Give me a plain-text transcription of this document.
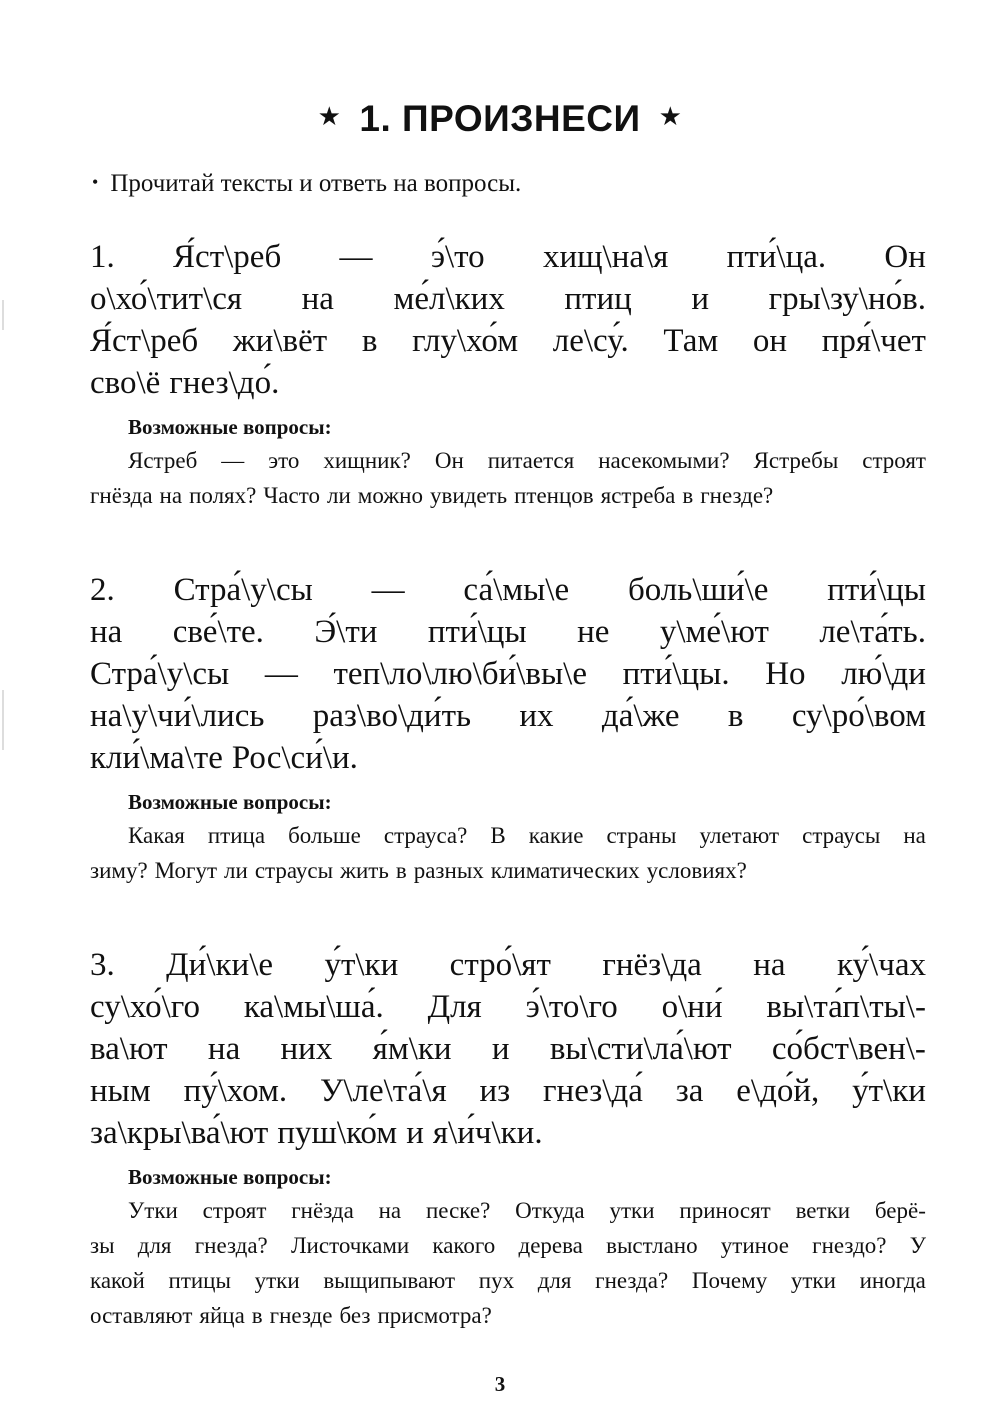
★ 1. ПРОИЗНЕСИ ★
• Прочитай тексты и ответь на вопросы.
1. Я́ст\реб — э́\то хищ\на\я пти́\ца. Он
о\хо́\тит\ся на ме́л\ких птиц и гры\зу\но́в.
Я́ст\реб жи\вёт в глу\хо́м ле\су́. Там он пря́\чет
сво\ё гнез\до́.
Возможные вопросы:
Ястреб — это хищник? Он питается насекомыми? Ястребы строят
гнёзда на полях? Часто ли можно увидеть птенцов ястреба в гнезде?
2. Стра́\у\сы — са́\мы\е боль\ши́\е пти́\цы
на све́\те. Э́\ти пти́\цы не у\ме́\ют ле\та́ть.
Стра́\у\сы — теп\ло\лю\би́\вы\е пти́\цы. Но лю́\ди
на\у\чи́\лись раз\во\ди́ть их да́\же в су\ро́\вом
кли́\ма\те Рос\си́\и.
Возможные вопросы:
Какая птица больше страуса? В какие страны улетают страусы на
зиму? Могут ли страусы жить в разных климатических условиях?
3. Ди́\ки\е у́т\ки стро́\ят гнёз\да на ку́\чах
су\хо́\го ка\мы\ша́. Для э́\то\го о\ни́ вы\та́п\ты\-
ва\ют на них я́м\ки и вы\сти\ла́\ют со́бст\вен\-
ным пу́\хом. У\ле\та́\я из гнез\да́ за е\до́й, у́т\ки
за\кры\ва́\ют пуш\ко́м и я\и́ч\ки.
Возможные вопросы:
Утки строят гнёзда на песке? Откуда утки приносят ветки берё-
зы для гнезда? Листочками какого дерева выстлано утиное гнездо? У
какой птицы утки выщипывают пух для гнезда? Почему утки иногда
оставляют яйца в гнезде без присмотра?
3
